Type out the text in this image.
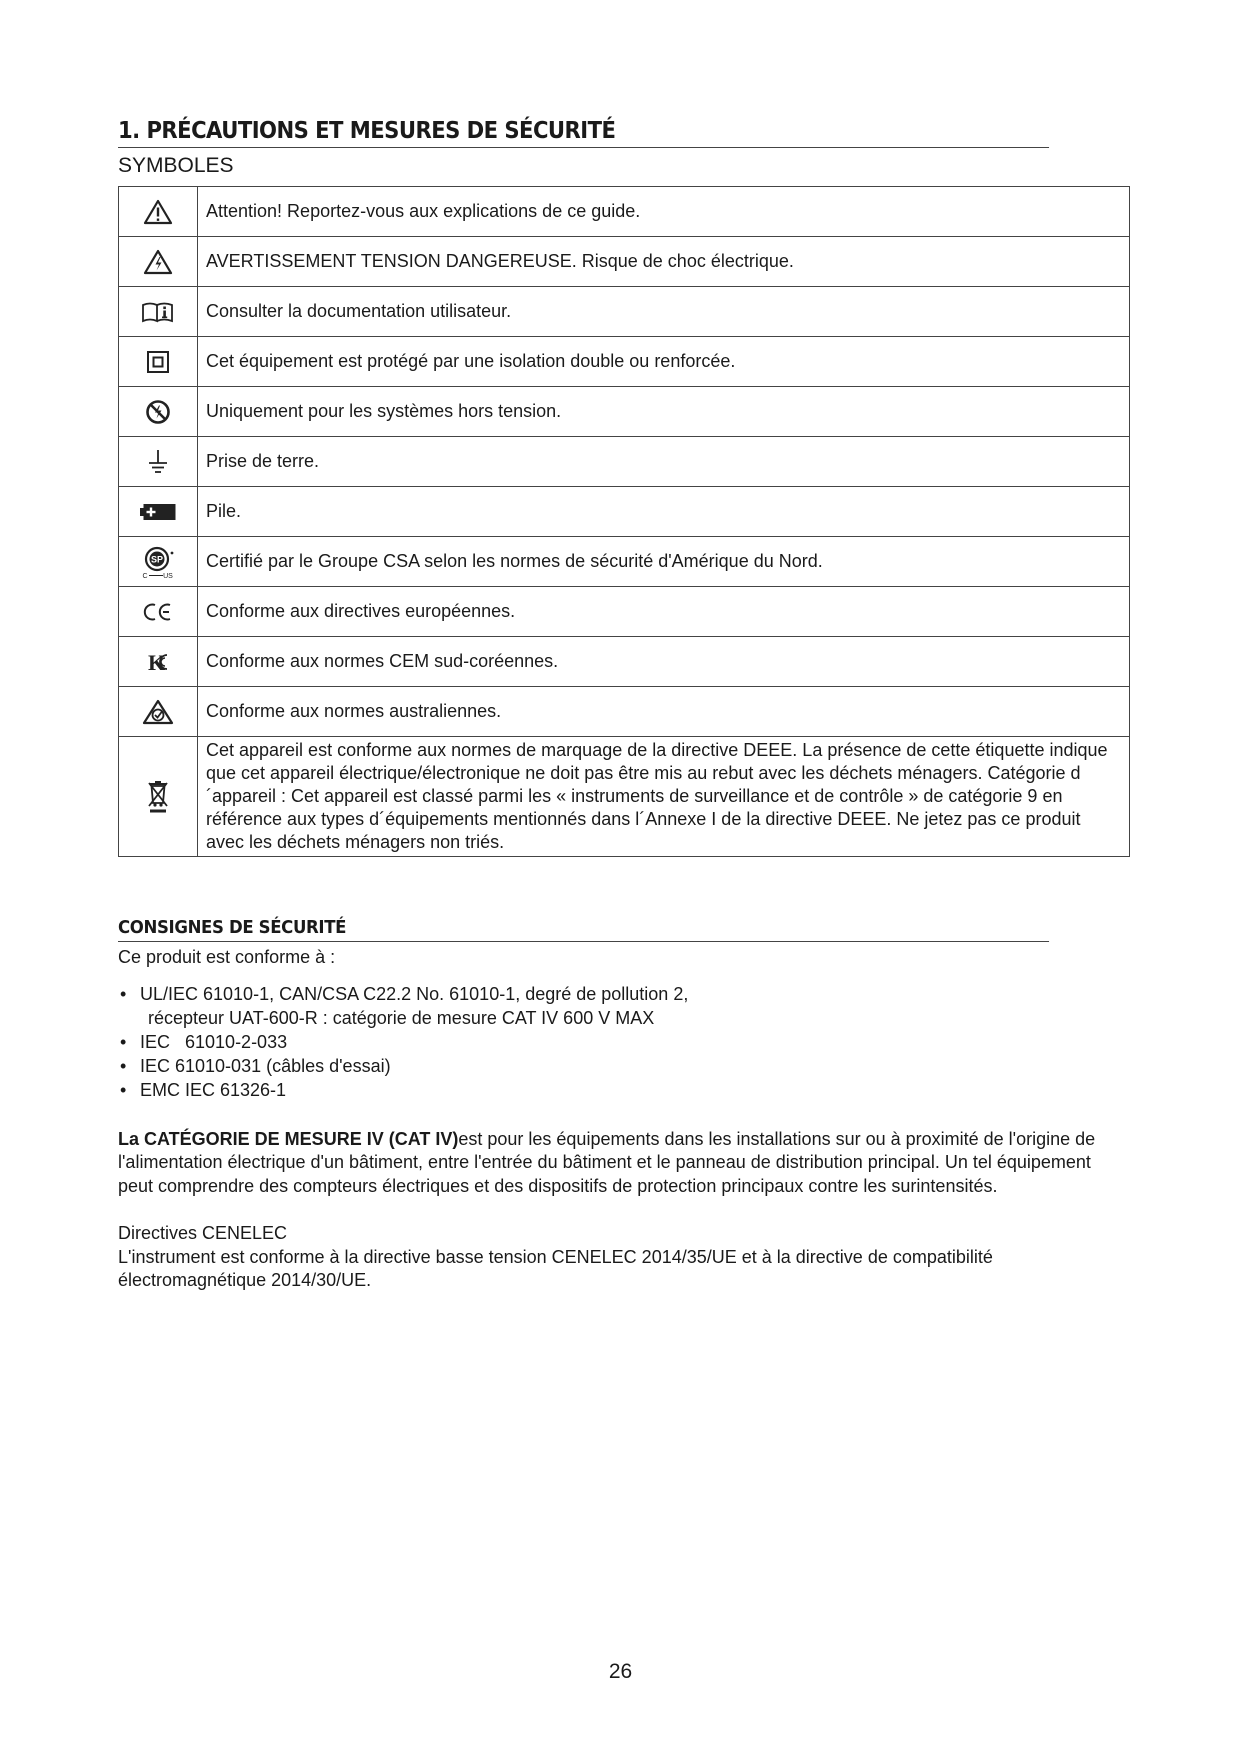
1. PRÉCAUTIONS ET MESURES DE SÉCURITÉ
SYMBOLES
	Attention! Reportez-vous aux explications de ce guide.

	AVERTISSEMENT TENSION DANGEREUSE. Risque de choc électrique.

	Consulter la documentation utilisateur.

	Cet équipement est protégé par une isolation double ou renforcée.

	Uniquement pour les systèmes hors tension.

	Prise de terre.

	Pile.

SP
C US	Certifié par le Groupe CSA selon les normes de sécurité d'Amérique du Nord.

	Conforme aux directives européennes.

K	Conforme aux normes CEM sud-coréennes.

	Conforme aux normes australiennes.

	Cet appareil est conforme aux normes de marquage de la directive DEEE. La présence de cette étiquette indique que cet appareil électrique/électronique ne doit pas être mis au rebut avec les déchets ménagers. Catégorie d´appareil : Cet appareil est classé parmi les « instruments de surveillance et de contrôle » de catégorie 9 en référence aux types d´équipements mentionnés dans l´Annexe I de la directive DEEE. Ne jetez pas ce produit avec les déchets ménagers non triés.
CONSIGNES DE SÉCURITÉ

Ce produit est conforme à :

• UL/IEC 61010-1, CAN/CSA C22.2 No. 61010-1, degré de pollution 2,
récepteur UAT-600-R : catégorie de mesure CAT IV 600 V MAX
• IEC   61010-2-033
• IEC 61010-031 (câbles d'essai)
• EMC IEC 61326-1

La CATÉGORIE DE MESURE IV (CAT IV)est pour les équipements dans les installations sur ou à proximité de l'origine de l'alimentation électrique d'un bâtiment, entre l'entrée du bâtiment et le panneau de distribution principal. Un tel équipement peut comprendre des compteurs électriques et des dispositifs de protection principaux contre les surintensités.

Directives CENELEC

L'instrument est conforme à la directive basse tension CENELEC 2014/35/UE et à la directive de compatibilité électromagnétique 2014/30/UE.

26
